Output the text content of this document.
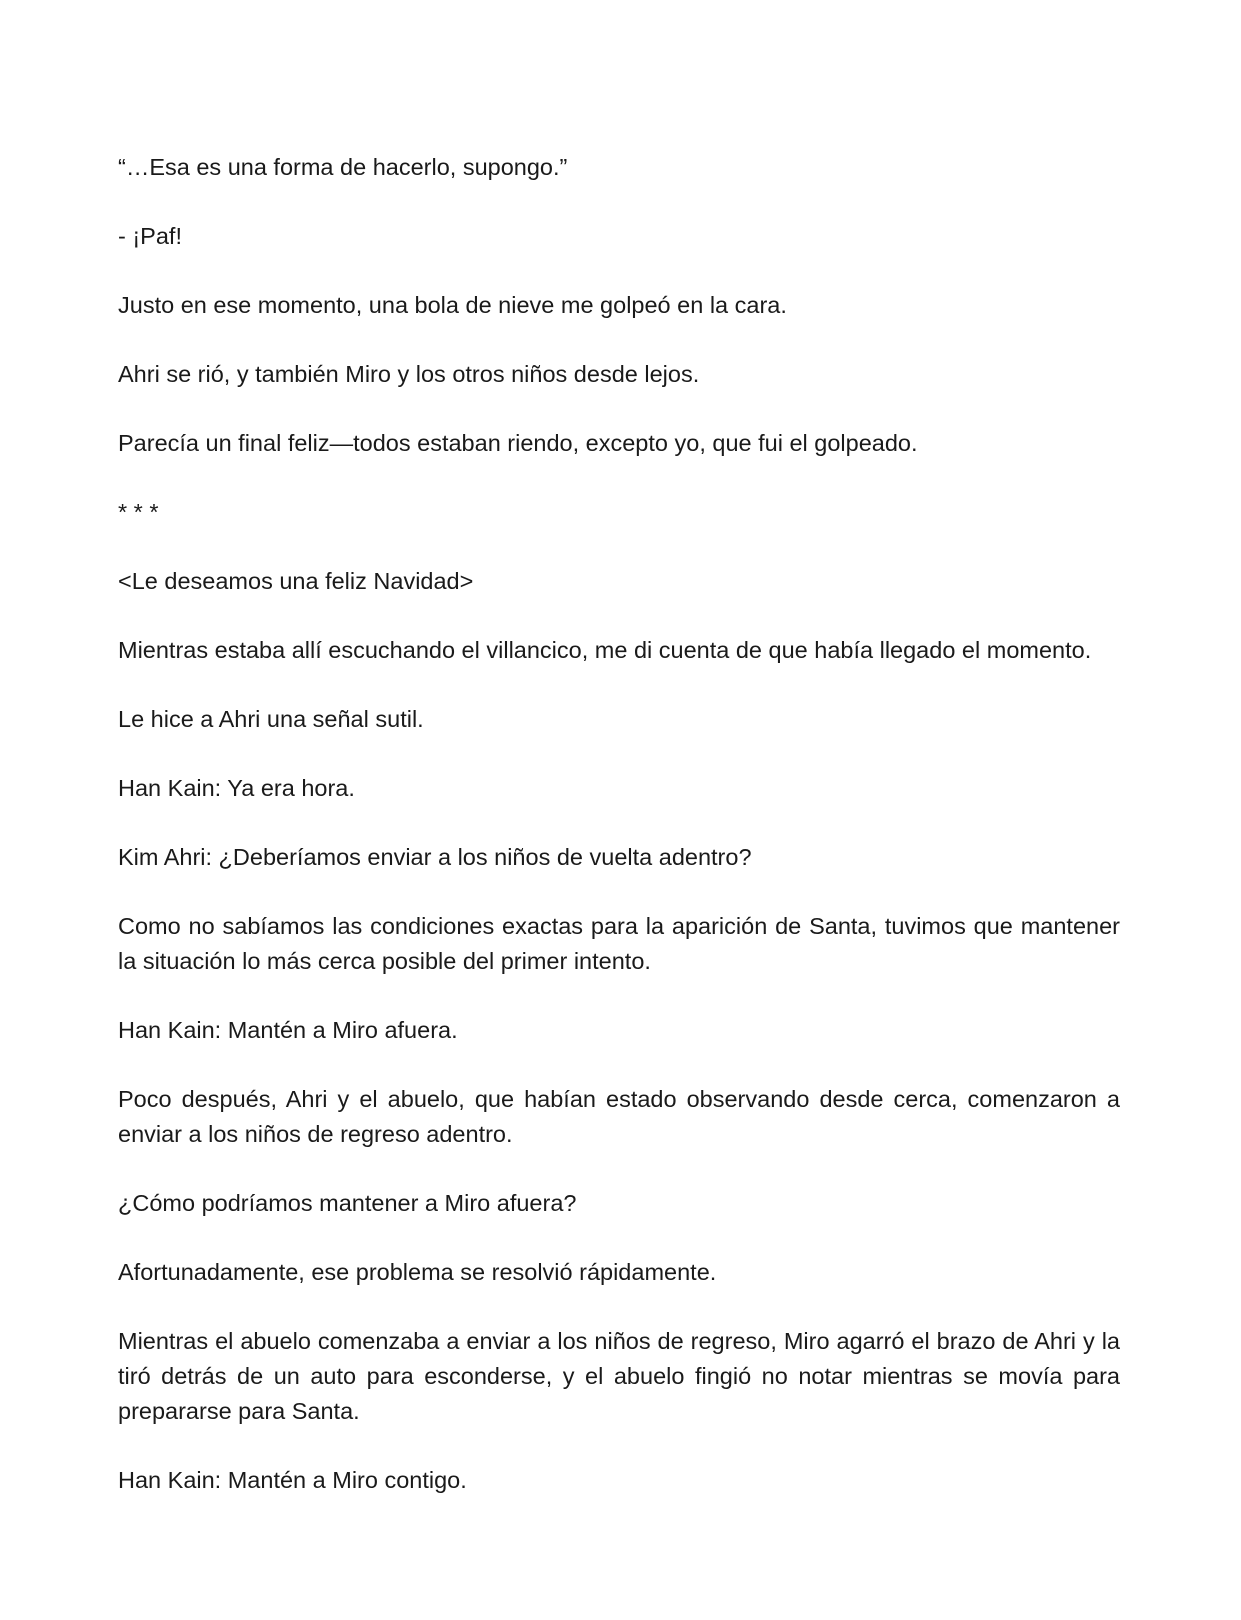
“…Esa es una forma de hacerlo, supongo.”

- ¡Paf!

Justo en ese momento, una bola de nieve me golpeó en la cara.

Ahri se rió, y también Miro y los otros niños desde lejos.

Parecía un final feliz—todos estaban riendo, excepto yo, que fui el golpeado.

* * *

<Le deseamos una feliz Navidad>

Mientras estaba allí escuchando el villancico, me di cuenta de que había llegado el momento.

Le hice a Ahri una señal sutil.

Han Kain: Ya era hora.

Kim Ahri: ¿Deberíamos enviar a los niños de vuelta adentro?

Como no sabíamos las condiciones exactas para la aparición de Santa, tuvimos que mantener la situación lo más cerca posible del primer intento.

Han Kain: Mantén a Miro afuera.

Poco después, Ahri y el abuelo, que habían estado observando desde cerca, comenzaron a enviar a los niños de regreso adentro.

¿Cómo podríamos mantener a Miro afuera?

Afortunadamente, ese problema se resolvió rápidamente.

Mientras el abuelo comenzaba a enviar a los niños de regreso, Miro agarró el brazo de Ahri y la tiró detrás de un auto para esconderse, y el abuelo fingió no notar mientras se movía para prepararse para Santa.

Han Kain: Mantén a Miro contigo.
